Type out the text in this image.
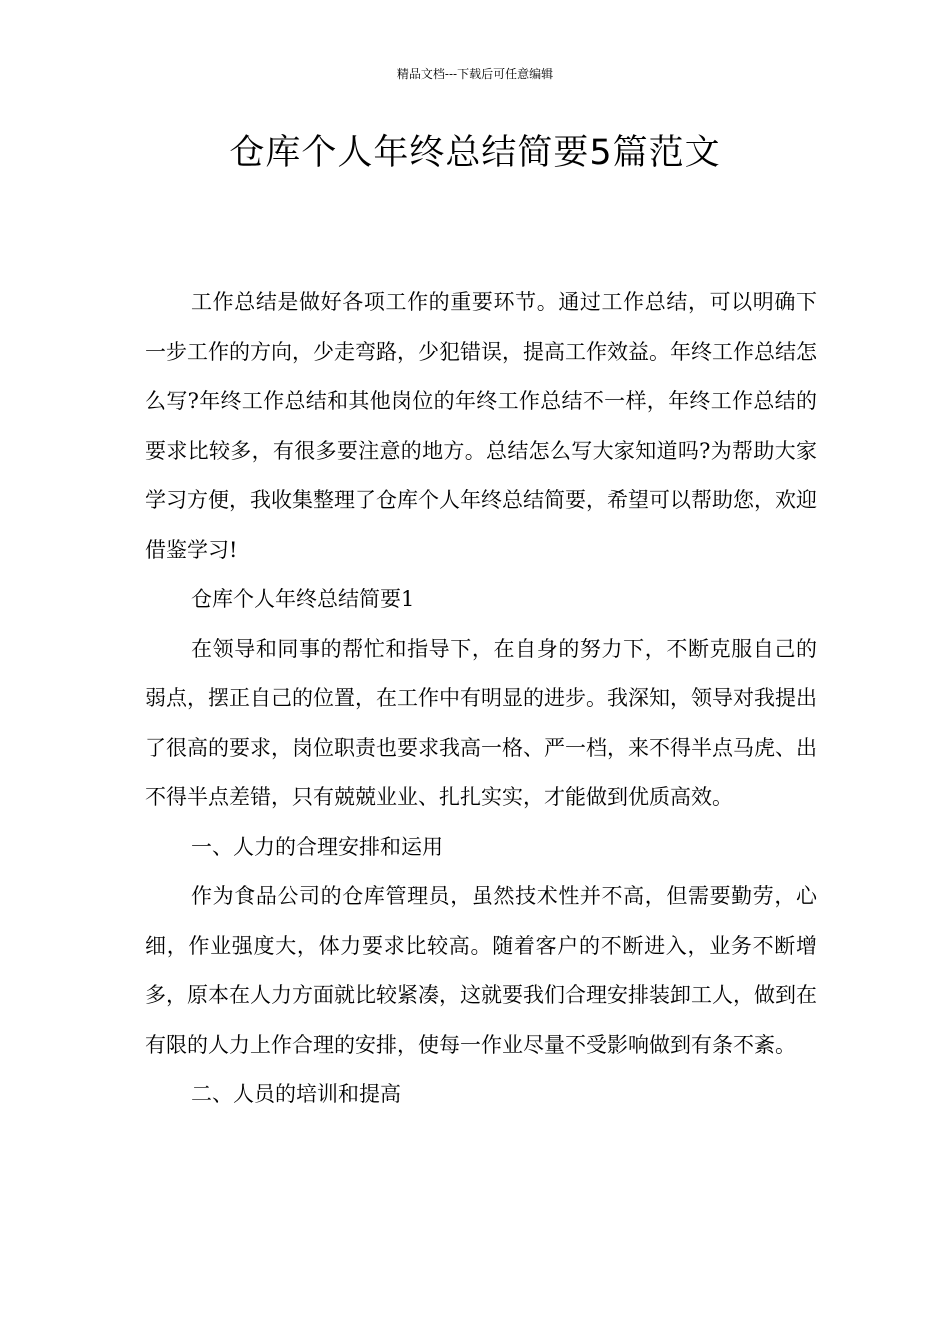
精品文档---下载后可任意编辑
仓库个人年终总结简要5篇范文

工作总结是做好各项工作的重要环节。通过工作总结，可以明确下一步工作的方向，少走弯路，少犯错误，提高工作效益。年终工作总结怎么写?年终工作总结和其他岗位的年终工作总结不一样，年终工作总结的要求比较多，有很多要注意的地方。总结怎么写大家知道吗?为帮助大家学习方便，我收集整理了仓库个人年终总结简要，希望可以帮助您，欢迎借鉴学习!

仓库个人年终总结简要1

在领导和同事的帮忙和指导下，在自身的努力下，不断克服自己的弱点，摆正自己的位置，在工作中有明显的进步。我深知，领导对我提出了很高的要求，岗位职责也要求我高一格、严一档，来不得半点马虎、出不得半点差错，只有兢兢业业、扎扎实实，才能做到优质高效。

一、人力的合理安排和运用

作为食品公司的仓库管理员，虽然技术性并不高，但需要勤劳，心细，作业强度大，体力要求比较高。随着客户的不断进入，业务不断增多，原本在人力方面就比较紧凑，这就要我们合理安排装卸工人，做到在有限的人力上作合理的安排，使每一作业尽量不受影响做到有条不紊。

二、人员的培训和提高
